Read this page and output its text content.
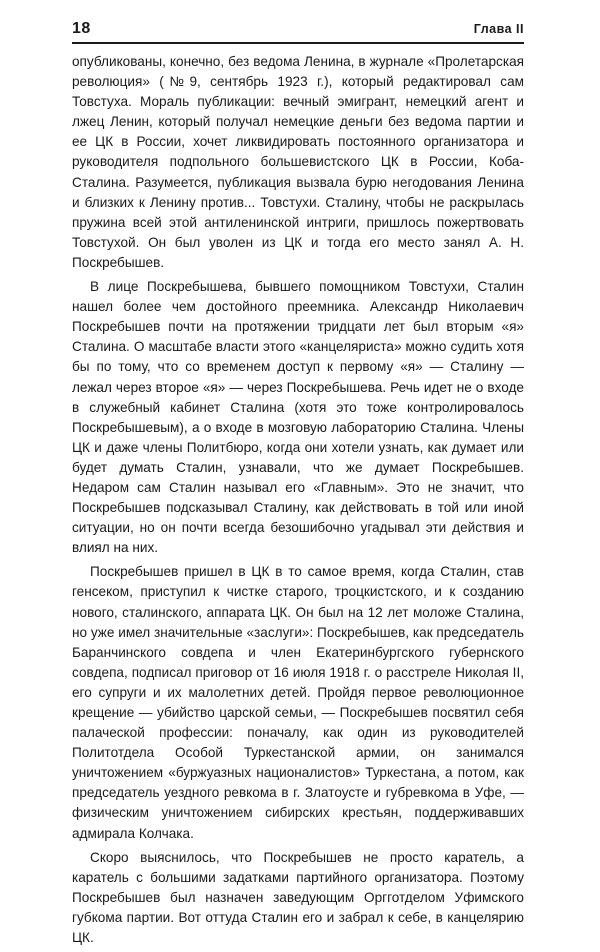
18	Глава II

опубликованы, конечно, без ведома Ленина, в журнале «Пролетарская революция» (№9, сентябрь 1923 г.), который редактировал сам Товстуха. Мораль публикации: вечный эмигрант, немецкий агент и лжец Ленин, который получал немецкие деньги без ведома партии и ее ЦК в России, хочет ликвидировать постоянного организатора и руководителя подпольного большевистского ЦК в России, Коба-Сталина. Разумеется, публикация вызвала бурю негодования Ленина и близких к Ленину против... Товстухи. Сталину, чтобы не раскрылась пружина всей этой антиленинской интриги, пришлось пожертвовать Товстухой. Он был уволен из ЦК и тогда его место занял А. Н. Поскребышев.

В лице Поскребышева, бывшего помощником Товстухи, Сталин нашел более чем достойного преемника. Александр Николаевич Поскребышев почти на протяжении тридцати лет был вторым «я» Сталина. О масштабе власти этого «канцеляриста» можно судить хотя бы по тому, что со временем доступ к первому «я» — Сталину — лежал через второе «я» — через Поскребышева. Речь идет не о входе в служебный кабинет Сталина (хотя это тоже контролировалось Поскребышевым), а о входе в мозговую лабораторию Сталина. Члены ЦК и даже члены Политбюро, когда они хотели узнать, как думает или будет думать Сталин, узнавали, что же думает Поскребышев. Недаром сам Сталин называл его «Главным». Это не значит, что Поскребышев подсказывал Сталину, как действовать в той или иной ситуации, но он почти всегда безошибочно угадывал эти действия и влиял на них.

Поскребышев пришел в ЦК в то самое время, когда Сталин, став генсеком, приступил к чистке старого, троцкистского, и к созданию нового, сталинского, аппарата ЦК. Он был на 12 лет моложе Сталина, но уже имел значительные «заслуги»: Поскребышев, как председатель Баранчинского совдепа и член Екатеринбургского губернского совдепа, подписал приговор от 16 июля 1918 г. о расстреле Николая II, его супруги и их малолетних детей. Пройдя первое революционное крещение — убийство царской семьи, — Поскребышев посвятил себя палаческой профессии: поначалу, как один из руководителей Политотдела Особой Туркестанской армии, он занимался уничтожением «буржуазных националистов» Туркестана, а потом, как председатель уездного ревкома в г. Златоусте и губревкома в Уфе, — физическим уничтожением сибирских крестьян, поддерживавших адмирала Колчака.

Скоро выяснилось, что Поскребышев не просто каратель, а каратель с большими задатками партийного организатора. Поэтому Поскребышев был назначен заведующим Оргготделом Уфимского губкома партии. Вот оттуда Сталин его и забрал к себе, в канцелярию ЦК.
